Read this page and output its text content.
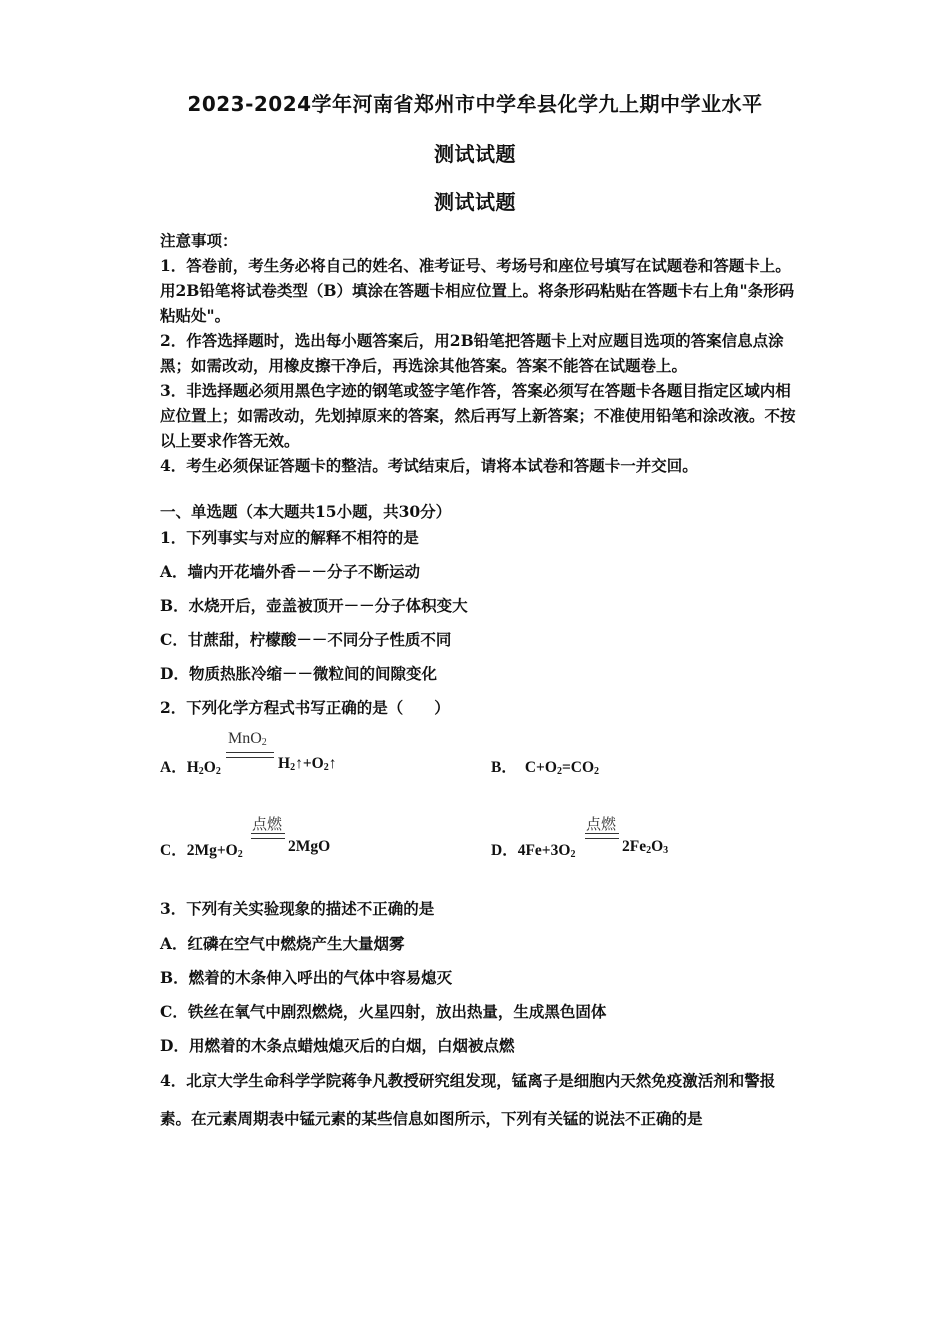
2023-2024学年河南省郑州市中学牟县化学九上期中学业水平
测试试题
测试试题

注意事项：

1．答卷前，考生务必将自己的姓名、准考证号、考场号和座位号填写在试题卷和答题卡上。用2B铅笔将试卷类型（B）填涂在答题卡相应位置上。将条形码粘贴在答题卡右上角"条形码粘贴处"。

2．作答选择题时，选出每小题答案后，用2B铅笔把答题卡上对应题目选项的答案信息点涂黑；如需改动，用橡皮擦干净后，再选涂其他答案。答案不能答在试题卷上。

3．非选择题必须用黑色字迹的钢笔或签字笔作答，答案必须写在答题卡各题目指定区域内相应位置上；如需改动，先划掉原来的答案，然后再写上新答案；不准使用铅笔和涂改液。不按以上要求作答无效。

4．考生必须保证答题卡的整洁。考试结束后，请将本试卷和答题卡一并交回。

一、单选题（本大题共15小题，共30分）
1．下列事实与对应的解释不相符的是
A．墙内开花墙外香－－分子不断运动
B．水烧开后，壶盖被顶开－－分子体积变大
C．甘蔗甜，柠檬酸－－不同分子性质不同
D．物质热胀冷缩－－微粒间的间隙变化
2．下列化学方程式书写正确的是（　　）
A．$H_2O_2$
MnO$_2$
$H_2↑+O_2↑$	B． $C+O_2=CO_2$
C．$2Mg+O_2$
点燃
2MgO	D．$4Fe+3O_2$
点燃
$2Fe_2O_3$
3．下列有关实验现象的描述不正确的是
A．红磷在空气中燃烧产生大量烟雾
B．燃着的木条伸入呼出的气体中容易熄灭
C．铁丝在氧气中剧烈燃烧，火星四射，放出热量，生成黑色固体
D．用燃着的木条点蜡烛熄灭后的白烟，白烟被点燃
4．北京大学生命科学学院蒋争凡教授研究组发现，锰离子是细胞内天然免疫激活剂和警报素。在元素周期表中锰元素的某些信息如图所示，下列有关锰的说法不正确的是
